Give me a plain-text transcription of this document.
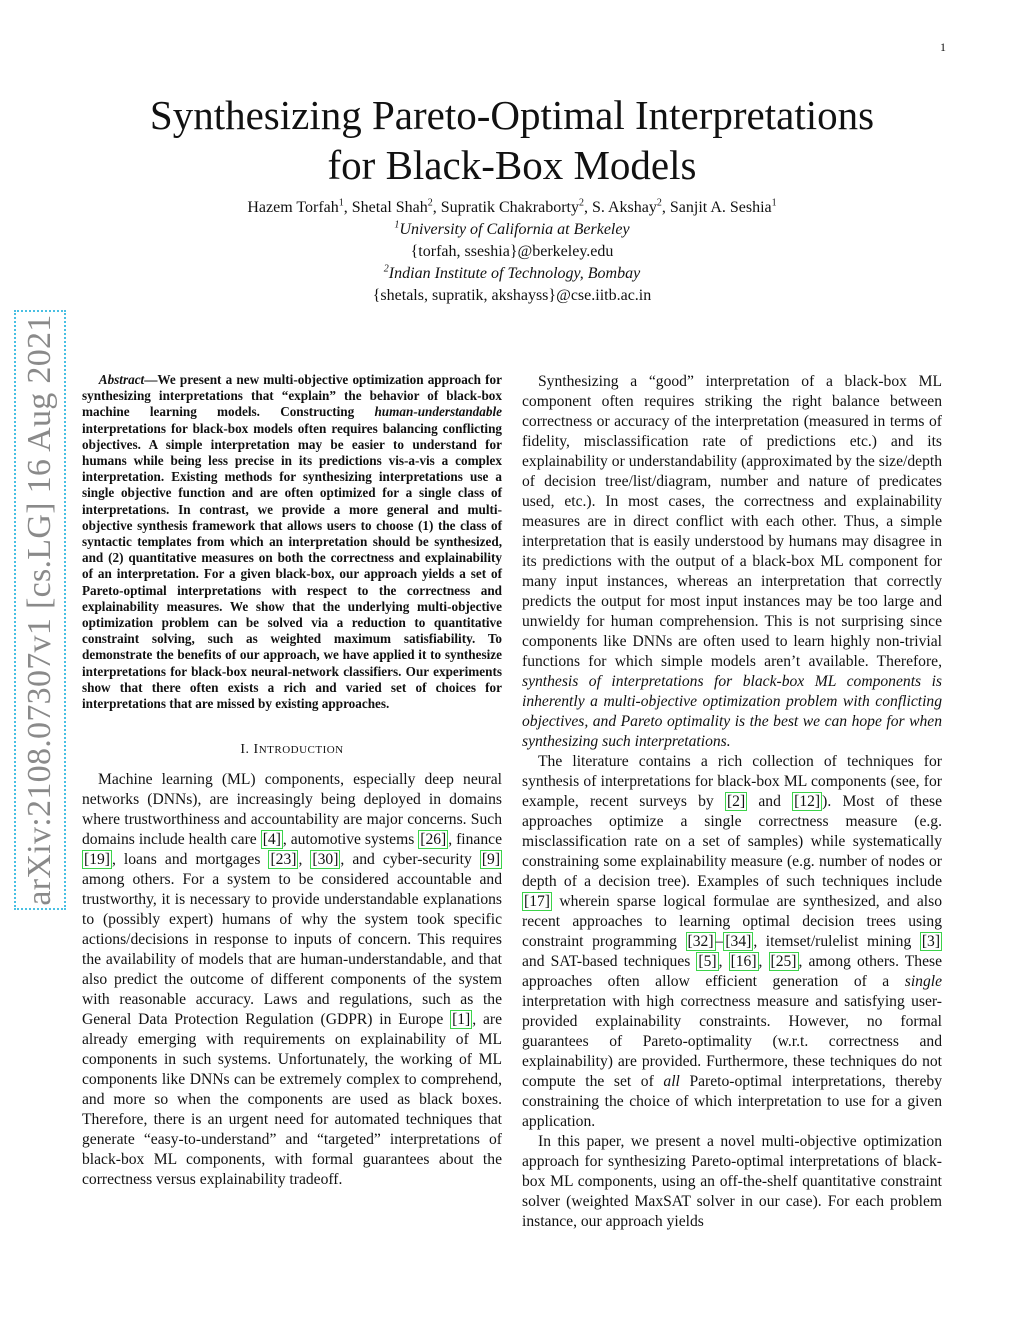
1
arXiv:2108.07307v1 [cs.LG] 16 Aug 2021
Synthesizing Pareto-Optimal Interpretations
for Black-Box Models
Hazem Torfah$^1$, Shetal Shah$^2$, Supratik Chakraborty$^2$, S. Akshay$^2$, Sanjit A. Seshia$^1$
$^1$University of California at Berkeley
{torfah, sseshia}@berkeley.edu
$^2$Indian Institute of Technology, Bombay
{shetals, supratik, akshayss}@cse.iitb.ac.in

Abstract—We present a new multi-objective optimization approach for synthesizing interpretations that “explain” the behavior of black-box machine learning models. Constructing human-understandable interpretations for black-box models often requires balancing conflicting objectives. A simple interpretation may be easier to understand for humans while being less precise in its predictions vis-a-vis a complex interpretation. Existing methods for synthesizing interpretations use a single objective function and are often optimized for a single class of interpretations. In contrast, we provide a more general and multi-objective synthesis framework that allows users to choose (1) the class of syntactic templates from which an interpretation should be synthesized, and (2) quantitative measures on both the correctness and explainability of an interpretation. For a given black-box, our approach yields a set of Pareto-optimal interpretations with respect to the correctness and explainability measures. We show that the underlying multi-objective optimization problem can be solved via a reduction to quantitative constraint solving, such as weighted maximum satisfiability. To demonstrate the benefits of our approach, we have applied it to synthesize interpretations for black-box neural-network classifiers. Our experiments show that there often exists a rich and varied set of choices for interpretations that are missed by existing approaches.

I. INTRODUCTION

Machine learning (ML) components, especially deep neural networks (DNNs), are increasingly being deployed in domains where trustworthiness and accountability are major concerns. Such domains include health care [4] , automotive systems [26] , finance [19] , loans and mortgages [23] , [30] , and cyber-security [9] among others. For a system to be considered accountable and trustworthy, it is necessary to provide understandable explanations to (possibly expert) humans of why the system took specific actions/decisions in response to inputs of concern. This requires the availability of models that are human-understandable, and that also predict the outcome of different components of the system with reasonable accuracy. Laws and regulations, such as the General Data Protection Regulation (GDPR) in Europe [1] , are already emerging with requirements on explainability of ML components in such systems. Unfortunately, the working of ML components like DNNs can be extremely complex to comprehend, and more so when the components are used as black boxes. Therefore, there is an urgent need for automated techniques that generate “easy-to-understand” and “targeted” interpretations of black-box ML components, with formal guarantees about the correctness versus explainability tradeoff.

Synthesizing a “good” interpretation of a black-box ML component often requires striking the right balance between correctness or accuracy of the interpretation (measured in terms of fidelity, misclassification rate of predictions etc.) and its explainability or understandability (approximated by the size/depth of decision tree/list/diagram, number and nature of predicates used, etc.). In most cases, the correctness and explainability measures are in direct conflict with each other. Thus, a simple interpretation that is easily understood by humans may disagree in its predictions with the output of a black-box ML component for many input instances, whereas an interpretation that correctly predicts the output for most input instances may be too large and unwieldy for human comprehension. This is not surprising since components like DNNs are often used to learn highly non-trivial functions for which simple models aren’t available. Therefore, synthesis of interpretations for black-box ML components is inherently a multi-objective optimization problem with conflicting objectives, and Pareto optimality is the best we can hope for when synthesizing such interpretations.

The literature contains a rich collection of techniques for synthesis of interpretations for black-box ML components (see, for example, recent surveys by [2] and [12] ). Most of these approaches optimize a single correctness measure (e.g. misclassification rate on a set of samples) while systematically constraining some explainability measure (e.g. number of nodes or depth of a decision tree). Examples of such techniques include [17] wherein sparse logical formulae are synthesized, and also recent approaches to learning optimal decision trees using constraint programming [32] – [34] , itemset/rulelist mining [3] and SAT-based techniques [5] , [16] , [25] , among others. These approaches often allow efficient generation of a single interpretation with high correctness measure and satisfying user-provided explainability constraints. However, no formal guarantees of Pareto-optimality (w.r.t. correctness and explainability) are provided. Furthermore, these techniques do not compute the set of all Pareto-optimal interpretations, thereby constraining the choice of which interpretation to use for a given application.

In this paper, we present a novel multi-objective optimization approach for synthesizing Pareto-optimal interpretations of black-box ML components, using an off-the-shelf quantitative constraint solver (weighted MaxSAT solver in our case). For each problem instance, our approach yields
